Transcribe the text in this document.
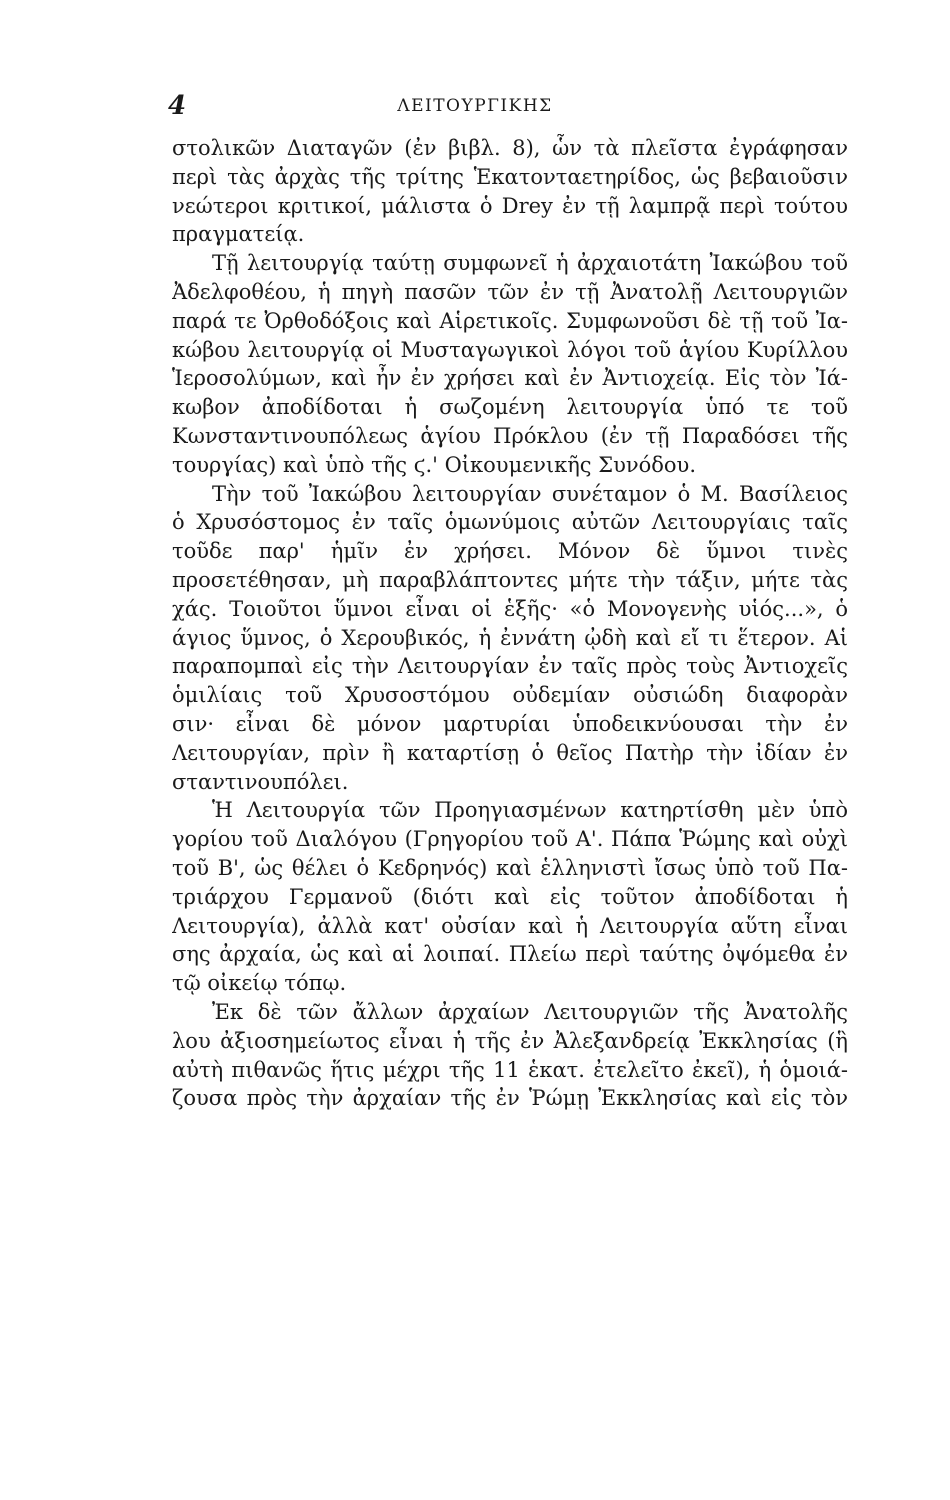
4	ΛΕΙΤΟΥΡΓΙΚΗΣ
στολικῶν Διαταγῶν (ἐν βιβλ. 8), ὧν τὰ πλεῖστα ἐγράφησαν
περὶ τὰς ἀρχὰς τῆς τρίτης Ἑκατονταετηρίδος, ὡς βεβαιοῦσιν
νεώτεροι κριτικοί, μάλιστα ὁ Drey ἐν τῇ λαμπρᾷ περὶ τούτου
πραγματείᾳ.
Τῇ λειτουργίᾳ ταύτῃ συμφωνεῖ ἡ ἀρχαιοτάτη Ἰακώβου τοῦ
Ἀδελφοθέου, ἡ πηγὴ πασῶν τῶν ἐν τῇ Ἀνατολῇ Λειτουργιῶν
παρά τε Ὀρθοδόξοις καὶ Αἱρετικοῖς. Συμφωνοῦσι δὲ τῇ τοῦ Ἰα-
κώβου λειτουργίᾳ οἱ Μυσταγωγικοὶ λόγοι τοῦ ἁγίου Κυρίλλου
Ἱεροσολύμων, καὶ ἦν ἐν χρήσει καὶ ἐν Ἀντιοχείᾳ. Εἰς τὸν Ἰά-
κωβον ἀποδίδοται ἡ σωζομένη λειτουργία ὑπό τε τοῦ
Κωνσταντινουπόλεως ἁγίου Πρόκλου (ἐν τῇ Παραδόσει τῆς
τουργίας) καὶ ὑπὸ τῆς ϛ.' Οἰκουμενικῆς Συνόδου.
Τὴν τοῦ Ἰακώβου λειτουργίαν συνέταμον ὁ Μ. Βασίλειος
ὁ Χρυσόστομος ἐν ταῖς ὁμωνύμοις αὐτῶν Λειτουργίαις ταῖς
τοῦδε παρ' ἡμῖν ἐν χρήσει. Μόνον δὲ ὕμνοι τινὲς
προσετέθησαν, μὴ παραβλάπτοντες μήτε τὴν τάξιν, μήτε τὰς
χάς. Τοιοῦτοι ὕμνοι εἶναι οἱ ἑξῆς· «ὁ Μονογενὴς υἱός...», ὁ
άγιος ὕμνος, ὁ Χερουβικός, ἡ ἐννάτη ᾠδὴ καὶ εἴ τι ἕτερον. Αἱ
παραπομπαὶ εἰς τὴν Λειτουργίαν ἐν ταῖς πρὸς τοὺς Ἀντιοχεῖς
ὁμιλίαις τοῦ Χρυσοστόμου οὐδεμίαν οὐσιώδη διαφορὰν
σιν· εἶναι δὲ μόνον μαρτυρίαι ὑποδεικνύουσαι τὴν ἐν
Λειτουργίαν, πρὶν ἢ καταρτίσῃ ὁ θεῖος Πατὴρ τὴν ἰδίαν ἐν
σταντινουπόλει.
Ἡ Λειτουργία τῶν Προηγιασμένων κατηρτίσθη μὲν ὑπὸ
γορίου τοῦ Διαλόγου (Γρηγορίου τοῦ Α'. Πάπα Ῥώμης καὶ οὐχὶ
τοῦ Β', ὡς θέλει ὁ Κεδρηνός) καὶ ἑλληνιστὶ ἴσως ὑπὸ τοῦ Πα-
τριάρχου Γερμανοῦ (διότι καὶ εἰς τοῦτον ἀποδίδοται ἡ
Λειτουργία), ἀλλὰ κατ' οὐσίαν καὶ ἡ Λειτουργία αὕτη εἶναι
σης ἀρχαία, ὡς καὶ αἱ λοιπαί. Πλείω περὶ ταύτης ὀψόμεθα ἐν
τῷ οἰκείῳ τόπῳ.
Ἐκ δὲ τῶν ἄλλων ἀρχαίων Λειτουργιῶν τῆς Ἀνατολῆς
λου ἀξιοσημείωτος εἶναι ἡ τῆς ἐν Ἀλεξανδρείᾳ Ἐκκλησίας (ἣ
αὐτὴ πιθανῶς ἥτις μέχρι τῆς 11 ἑκατ. ἐτελεῖτο ἐκεῖ), ἡ ὁμοιά-
ζουσα πρὸς τὴν ἀρχαίαν τῆς ἐν Ῥώμῃ Ἐκκλησίας καὶ εἰς τὸν
